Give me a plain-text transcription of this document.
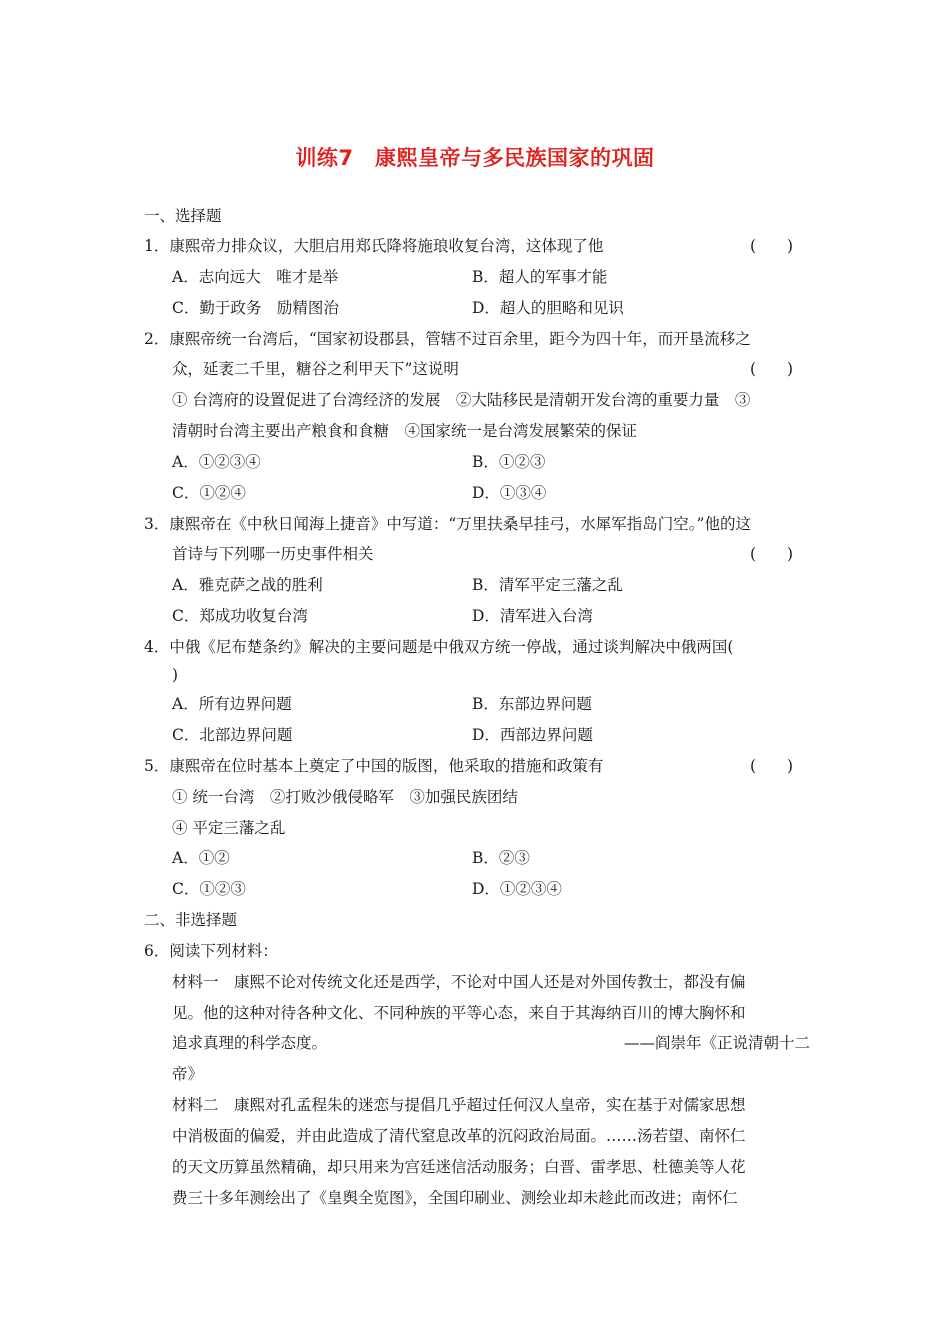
训练7　康熙皇帝与多民族国家的巩固
一、选择题
1．康熙帝力排众议，大胆启用郑氏降将施琅收复台湾，这体现了他	(　　)
A．志向远大　唯才是举	B．超人的军事才能
C．勤于政务　励精图治	D．超人的胆略和见识
2．康熙帝统一台湾后，“国家初设郡县，管辖不过百余里，距今为四十年，而开垦流移之
众，延袤二千里，糖谷之利甲天下”这说明	(　　)
① 台湾府的设置促进了台湾经济的发展　②大陆移民是清朝开发台湾的重要力量　③
清朝时台湾主要出产粮食和食糖　④国家统一是台湾发展繁荣的保证
A．①②③④	B．①②③
C．①②④	D．①③④
3．康熙帝在《中秋日闻海上捷音》中写道：“万里扶桑早挂弓，水犀军指岛门空。”他的这
首诗与下列哪一历史事件相关	(　　)
A．雅克萨之战的胜利	B．清军平定三藩之乱
C．郑成功收复台湾	D．清军进入台湾
4．中俄《尼布楚条约》解决的主要问题是中俄双方统一停战，通过谈判解决中俄两国(
)
A．所有边界问题	B．东部边界问题
C．北部边界问题	D．西部边界问题
5．康熙帝在位时基本上奠定了中国的版图，他采取的措施和政策有	(　　)
① 统一台湾　②打败沙俄侵略军　③加强民族团结
④ 平定三藩之乱
A．①②	B．②③
C．①②③	D．①②③④
二、非选择题
6．阅读下列材料：
材料一　康熙不论对传统文化还是西学，不论对中国人还是对外国传教士，都没有偏
见。他的这种对待各种文化、不同种族的平等心态，来自于其海纳百川的博大胸怀和
追求真理的科学态度。	——阎崇年《正说清朝十二
帝》
材料二　康熙对孔孟程朱的迷恋与提倡几乎超过任何汉人皇帝，实在基于对儒家思想
中消极面的偏爱，并由此造成了清代窒息改革的沉闷政治局面。……汤若望、南怀仁
的天文历算虽然精确，却只用来为宫廷迷信活动服务；白晋、雷孝思、杜德美等人花
费三十多年测绘出了《皇舆全览图》，全国印刷业、测绘业却未趁此而改进；南怀仁
